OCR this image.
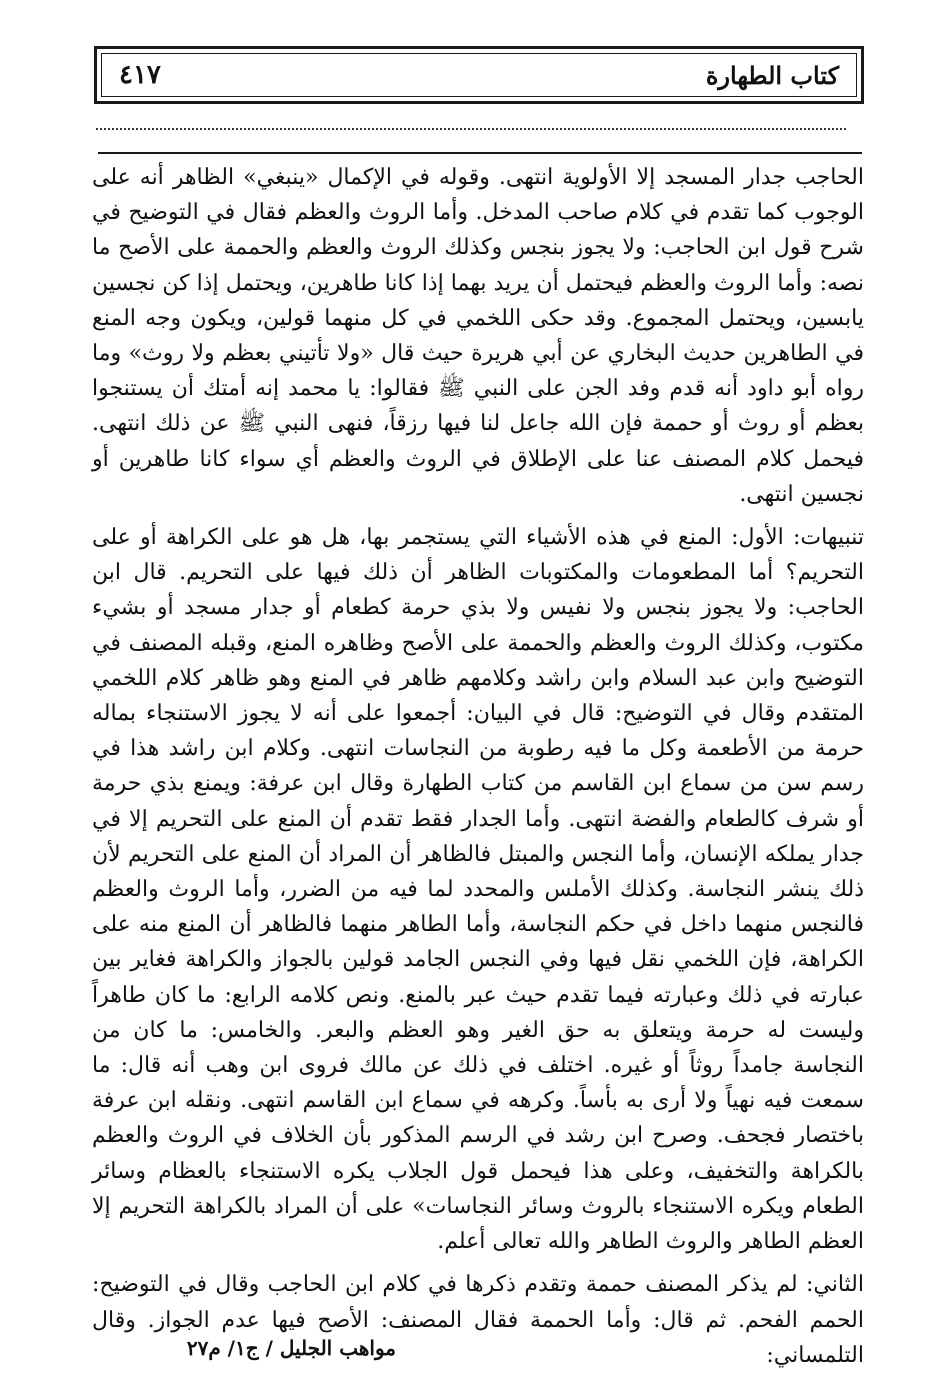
كتاب الطهارة
٤١٧

الحاجب جدار المسجد إلا الأولوية انتهى. وقوله في الإكمال «ينبغي» الظاهر أنه على الوجوب كما تقدم في كلام صاحب المدخل. وأما الروث والعظم فقال في التوضيح في شرح قول ابن الحاجب: ولا يجوز بنجس وكذلك الروث والعظم والحممة على الأصح ما نصه: وأما الروث والعظم فيحتمل أن يريد بهما إذا كانا طاهرين، ويحتمل إذا كن نجسين يابسين، ويحتمل المجموع. وقد حكى اللخمي في كل منهما قولين، ويكون وجه المنع في الطاهرين حديث البخاري عن أبي هريرة حيث قال «ولا تأتيني بعظم ولا روث» وما رواه أبو داود أنه قدم وفد الجن على النبي ﷺ فقالوا: يا محمد إنه أمتك أن يستنجوا بعظم أو روث أو حممة فإن الله جاعل لنا فيها رزقاً، فنهى النبي ﷺ عن ذلك انتهى. فيحمل كلام المصنف عنا على الإطلاق في الروث والعظم أي سواء كانا طاهرين أو نجسين انتهى.

تنبيهات: الأول: المنع في هذه الأشياء التي يستجمر بها، هل هو على الكراهة أو على التحريم؟ أما المطعومات والمكتوبات الظاهر أن ذلك فيها على التحريم. قال ابن الحاجب: ولا يجوز بنجس ولا نفيس ولا بذي حرمة كطعام أو جدار مسجد أو بشيء مكتوب، وكذلك الروث والعظم والحممة على الأصح وظاهره المنع، وقبله المصنف في التوضيح وابن عبد السلام وابن راشد وكلامهم ظاهر في المنع وهو ظاهر كلام اللخمي المتقدم وقال في التوضيح: قال في البيان: أجمعوا على أنه لا يجوز الاستنجاء بماله حرمة من الأطعمة وكل ما فيه رطوبة من النجاسات انتهى. وكلام ابن راشد هذا في رسم سن من سماع ابن القاسم من كتاب الطهارة وقال ابن عرفة: ويمنع بذي حرمة أو شرف كالطعام والفضة انتهى. وأما الجدار فقط تقدم أن المنع على التحريم إلا في جدار يملكه الإنسان، وأما النجس والمبتل فالظاهر أن المراد أن المنع على التحريم لأن ذلك ينشر النجاسة. وكذلك الأملس والمحدد لما فيه من الضرر، وأما الروث والعظم فالنجس منهما داخل في حكم النجاسة، وأما الطاهر منهما فالظاهر أن المنع منه على الكراهة، فإن اللخمي نقل فيها وفي النجس الجامد قولين بالجواز والكراهة فغاير بين عبارته في ذلك وعبارته فيما تقدم حيث عبر بالمنع. ونص كلامه الرابع: ما كان طاهراً وليست له حرمة ويتعلق به حق الغير وهو العظم والبعر. والخامس: ما كان من النجاسة جامداً روثاً أو غيره. اختلف في ذلك عن مالك فروى ابن وهب أنه قال: ما سمعت فيه نهياً ولا أرى به بأساً. وكرهه في سماع ابن القاسم انتهى. ونقله ابن عرفة باختصار فجحف. وصرح ابن رشد في الرسم المذكور بأن الخلاف في الروث والعظم بالكراهة والتخفيف، وعلى هذا فيحمل قول الجلاب يكره الاستنجاء بالعظام وسائر الطعام ويكره الاستنجاء بالروث وسائر النجاسات» على أن المراد بالكراهة التحريم إلا العظم الطاهر والروث الطاهر والله تعالى أعلم.

الثاني: لم يذكر المصنف حممة وتقدم ذكرها في كلام ابن الحاجب وقال في التوضيح: الحمم الفحم. ثم قال: وأما الحممة فقال المصنف: الأصح فيها عدم الجواز. وقال التلمساني:

مواهب الجليل / ج١/ م٢٧
